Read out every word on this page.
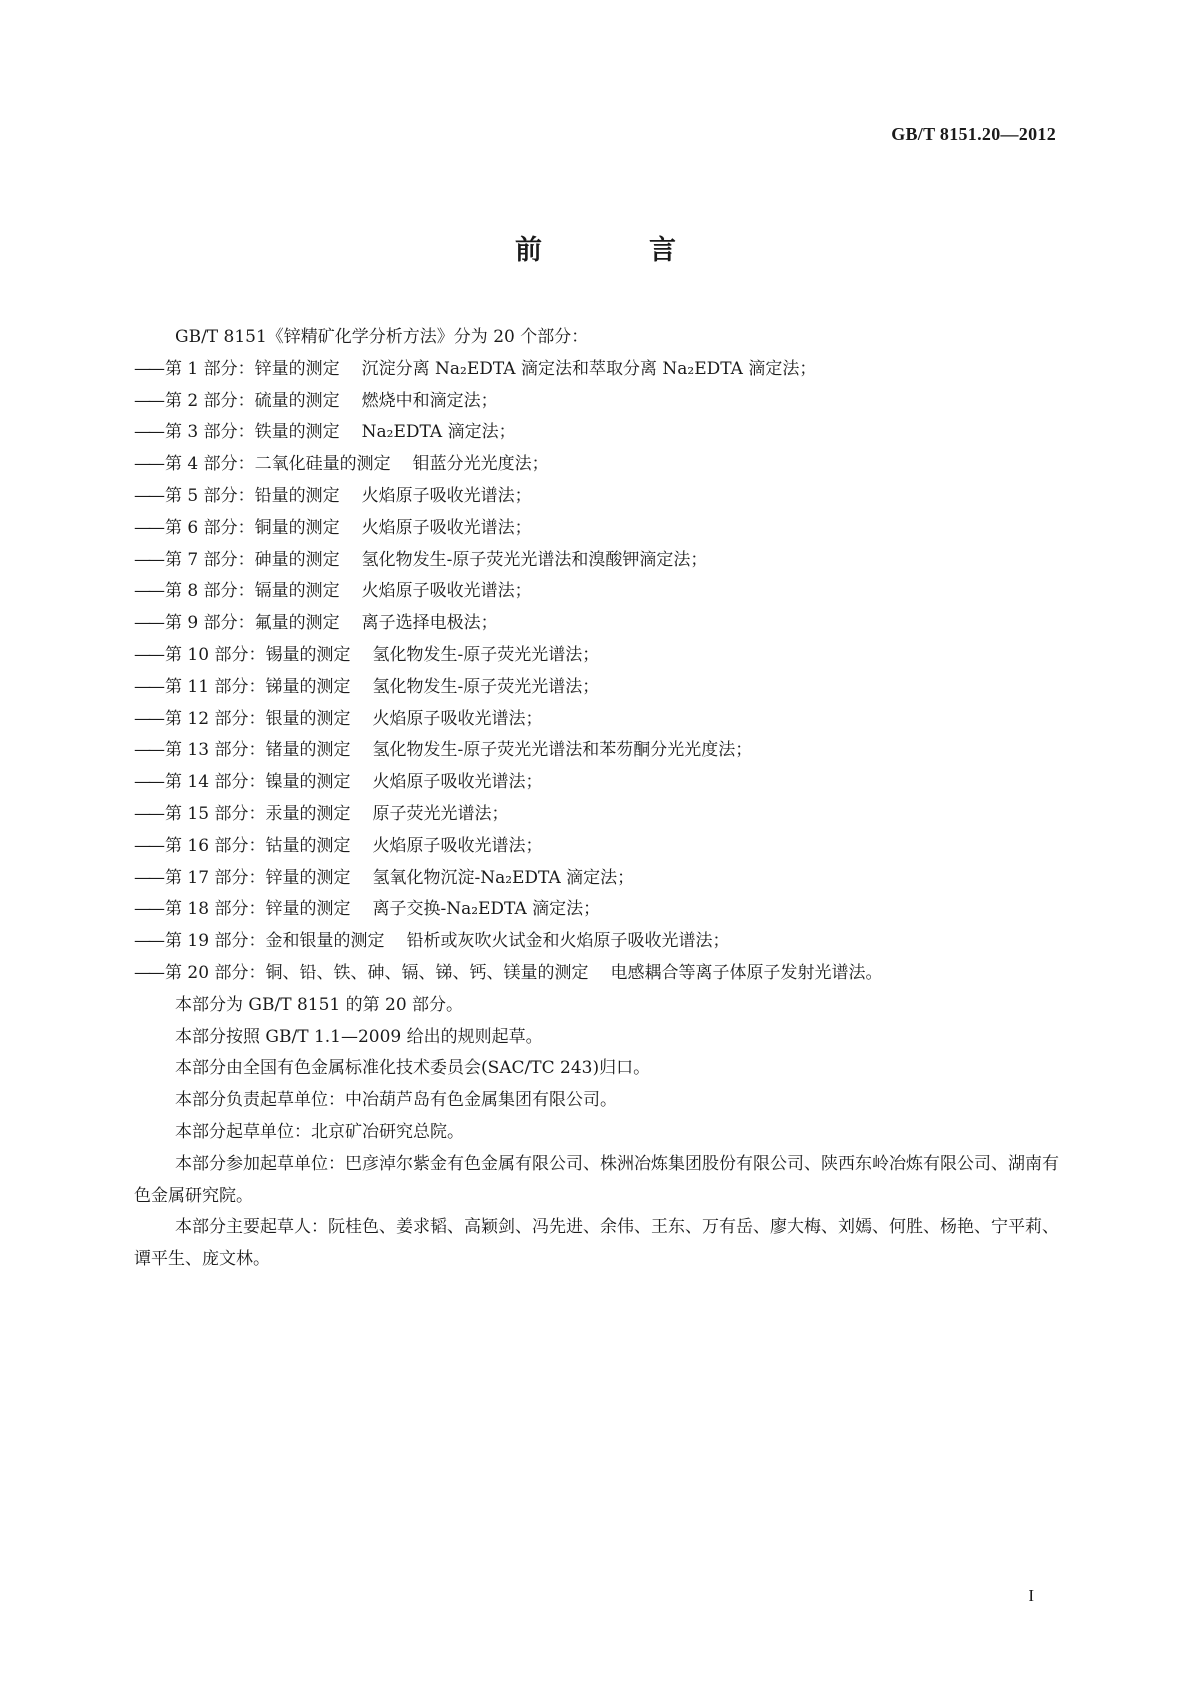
GB/T 8151.20—2012
前　言
GB/T 8151《锌精矿化学分析方法》分为 20 个部分：
—— 第 1 部分：锌量的测定 沉淀分离 Na₂EDTA 滴定法和萃取分离 Na₂EDTA 滴定法；
—— 第 2 部分：硫量的测定 燃烧中和滴定法；
—— 第 3 部分：铁量的测定 Na₂EDTA 滴定法；
—— 第 4 部分：二氧化硅量的测定 钼蓝分光光度法；
—— 第 5 部分：铅量的测定 火焰原子吸收光谱法；
—— 第 6 部分：铜量的测定 火焰原子吸收光谱法；
—— 第 7 部分：砷量的测定 氢化物发生-原子荧光光谱法和溴酸钾滴定法；
—— 第 8 部分：镉量的测定 火焰原子吸收光谱法；
—— 第 9 部分：氟量的测定 离子选择电极法；
—— 第 10 部分：锡量的测定 氢化物发生-原子荧光光谱法；
—— 第 11 部分：锑量的测定 氢化物发生-原子荧光光谱法；
—— 第 12 部分：银量的测定 火焰原子吸收光谱法；
—— 第 13 部分：锗量的测定 氢化物发生-原子荧光光谱法和苯芴酮分光光度法；
—— 第 14 部分：镍量的测定 火焰原子吸收光谱法；
—— 第 15 部分：汞量的测定 原子荧光光谱法；
—— 第 16 部分：钴量的测定 火焰原子吸收光谱法；
—— 第 17 部分：锌量的测定 氢氧化物沉淀-Na₂EDTA 滴定法；
—— 第 18 部分：锌量的测定 离子交换-Na₂EDTA 滴定法；
—— 第 19 部分：金和银量的测定 铅析或灰吹火试金和火焰原子吸收光谱法；
—— 第 20 部分：铜、铅、铁、砷、镉、锑、钙、镁量的测定 电感耦合等离子体原子发射光谱法。
本部分为 GB/T 8151 的第 20 部分。
本部分按照 GB/T 1.1—2009 给出的规则起草。
本部分由全国有色金属标准化技术委员会(SAC/TC 243)归口。
本部分负责起草单位：中冶葫芦岛有色金属集团有限公司。
本部分起草单位：北京矿冶研究总院。
本部分参加起草单位：巴彦淖尔紫金有色金属有限公司、株洲冶炼集团股份有限公司、陕西东岭冶炼有限公司、湖南有色金属研究院。
本部分主要起草人：阮桂色、姜求韬、高颖剑、冯先进、余伟、王东、万有岳、廖大梅、刘嫣、何胜、杨艳、宁平莉、谭平生、庞文林。
I
